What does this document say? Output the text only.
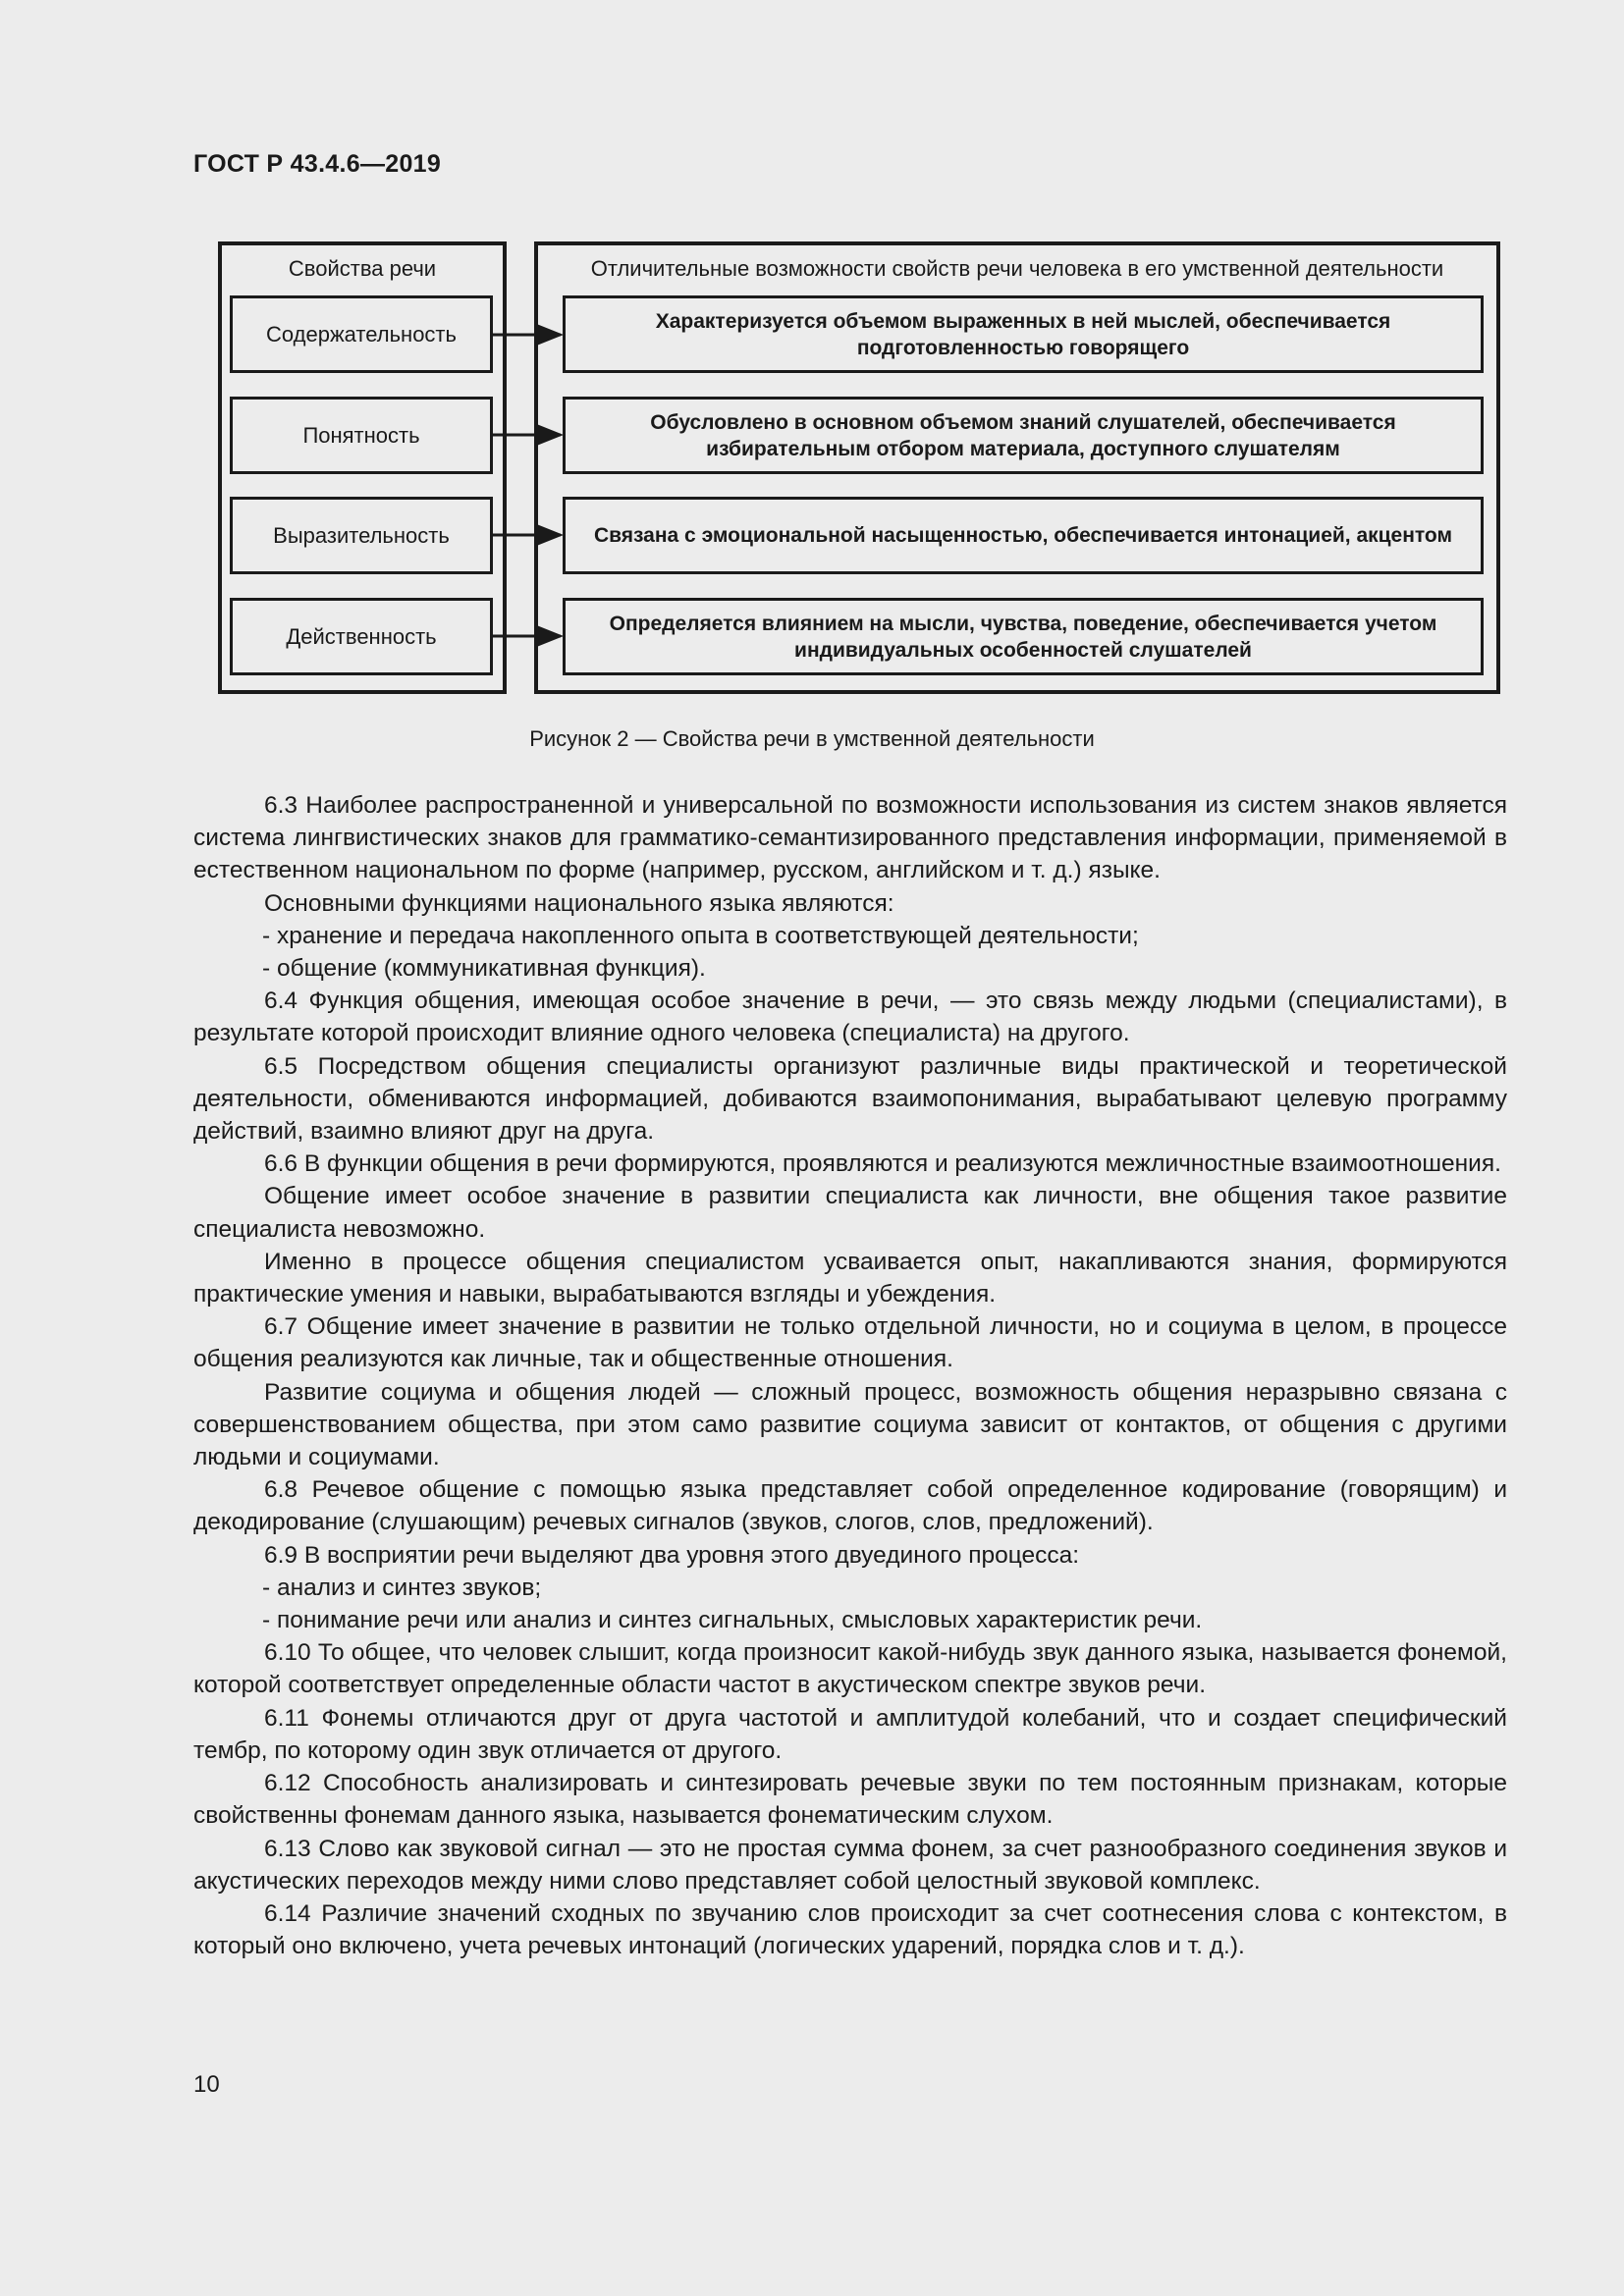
ГОСТ Р 43.4.6—2019
Свойства речи	Отличительные возможности свойств речи человека в его умственной деятельности
Содержательность
Понятность
Выразительность
Действенность
Характеризуется объемом выраженных в ней мыслей, обеспечивается подготовленностью говорящего
Обусловлено в основном объемом знаний слушателей, обеспечивается избирательным отбором материала, доступного слушателям
Связана с эмоциональной насыщенностью, обеспечивается интонацией, акцентом
Определяется влиянием на мысли, чувства, поведение, обеспечивается учетом индивидуальных особенностей слушателей
Рисунок 2 — Свойства речи в умственной деятельности

6.3 Наиболее распространенной и универсальной по возможности использования из систем знаков является система лингвистических знаков для грамматико-семантизированного представления информации, применяемой в естественном национальном по форме (например, русском, английском и т. д.) языке.

Основными функциями национального языка являются:

- хранение и передача накопленного опыта в соответствующей деятельности;

- общение (коммуникативная функция).

6.4 Функция общения, имеющая особое значение в речи, — это связь между людьми (специалистами), в результате которой происходит влияние одного человека (специалиста) на другого.

6.5 Посредством общения специалисты организуют различные виды практической и теоретической деятельности, обмениваются информацией, добиваются взаимопонимания, вырабатывают целевую программу действий, взаимно влияют друг на друга.

6.6 В функции общения в речи формируются, проявляются и реализуются межличностные взаимоотношения.

Общение имеет особое значение в развитии специалиста как личности, вне общения такое развитие специалиста невозможно.

Именно в процессе общения специалистом усваивается опыт, накапливаются знания, формируются практические умения и навыки, вырабатываются взгляды и убеждения.

6.7 Общение имеет значение в развитии не только отдельной личности, но и социума в целом, в процессе общения реализуются как личные, так и общественные отношения.

Развитие социума и общения людей — сложный процесс, возможность общения неразрывно связана с совершенствованием общества, при этом само развитие социума зависит от контактов, от общения с другими людьми и социумами.

6.8 Речевое общение с помощью языка представляет собой определенное кодирование (говорящим) и декодирование (слушающим) речевых сигналов (звуков, слогов, слов, предложений).

6.9 В восприятии речи выделяют два уровня этого двуединого процесса:

- анализ и синтез звуков;

- понимание речи или анализ и синтез сигнальных, смысловых характеристик речи.

6.10 То общее, что человек слышит, когда произносит какой-нибудь звук данного языка, называется фонемой, которой соответствует определенные области частот в акустическом спектре звуков речи.

6.11 Фонемы отличаются друг от друга частотой и амплитудой колебаний, что и создает специфический тембр, по которому один звук отличается от другого.

6.12 Способность анализировать и синтезировать речевые звуки по тем постоянным признакам, которые свойственны фонемам данного языка, называется фонематическим слухом.

6.13 Слово как звуковой сигнал — это не простая сумма фонем, за счет разнообразного соединения звуков и акустических переходов между ними слово представляет собой целостный звуковой комплекс.

6.14 Различие значений сходных по звучанию слов происходит за счет соотнесения слова с контекстом, в который оно включено, учета речевых интонаций (логических ударений, порядка слов и т. д.).

10
